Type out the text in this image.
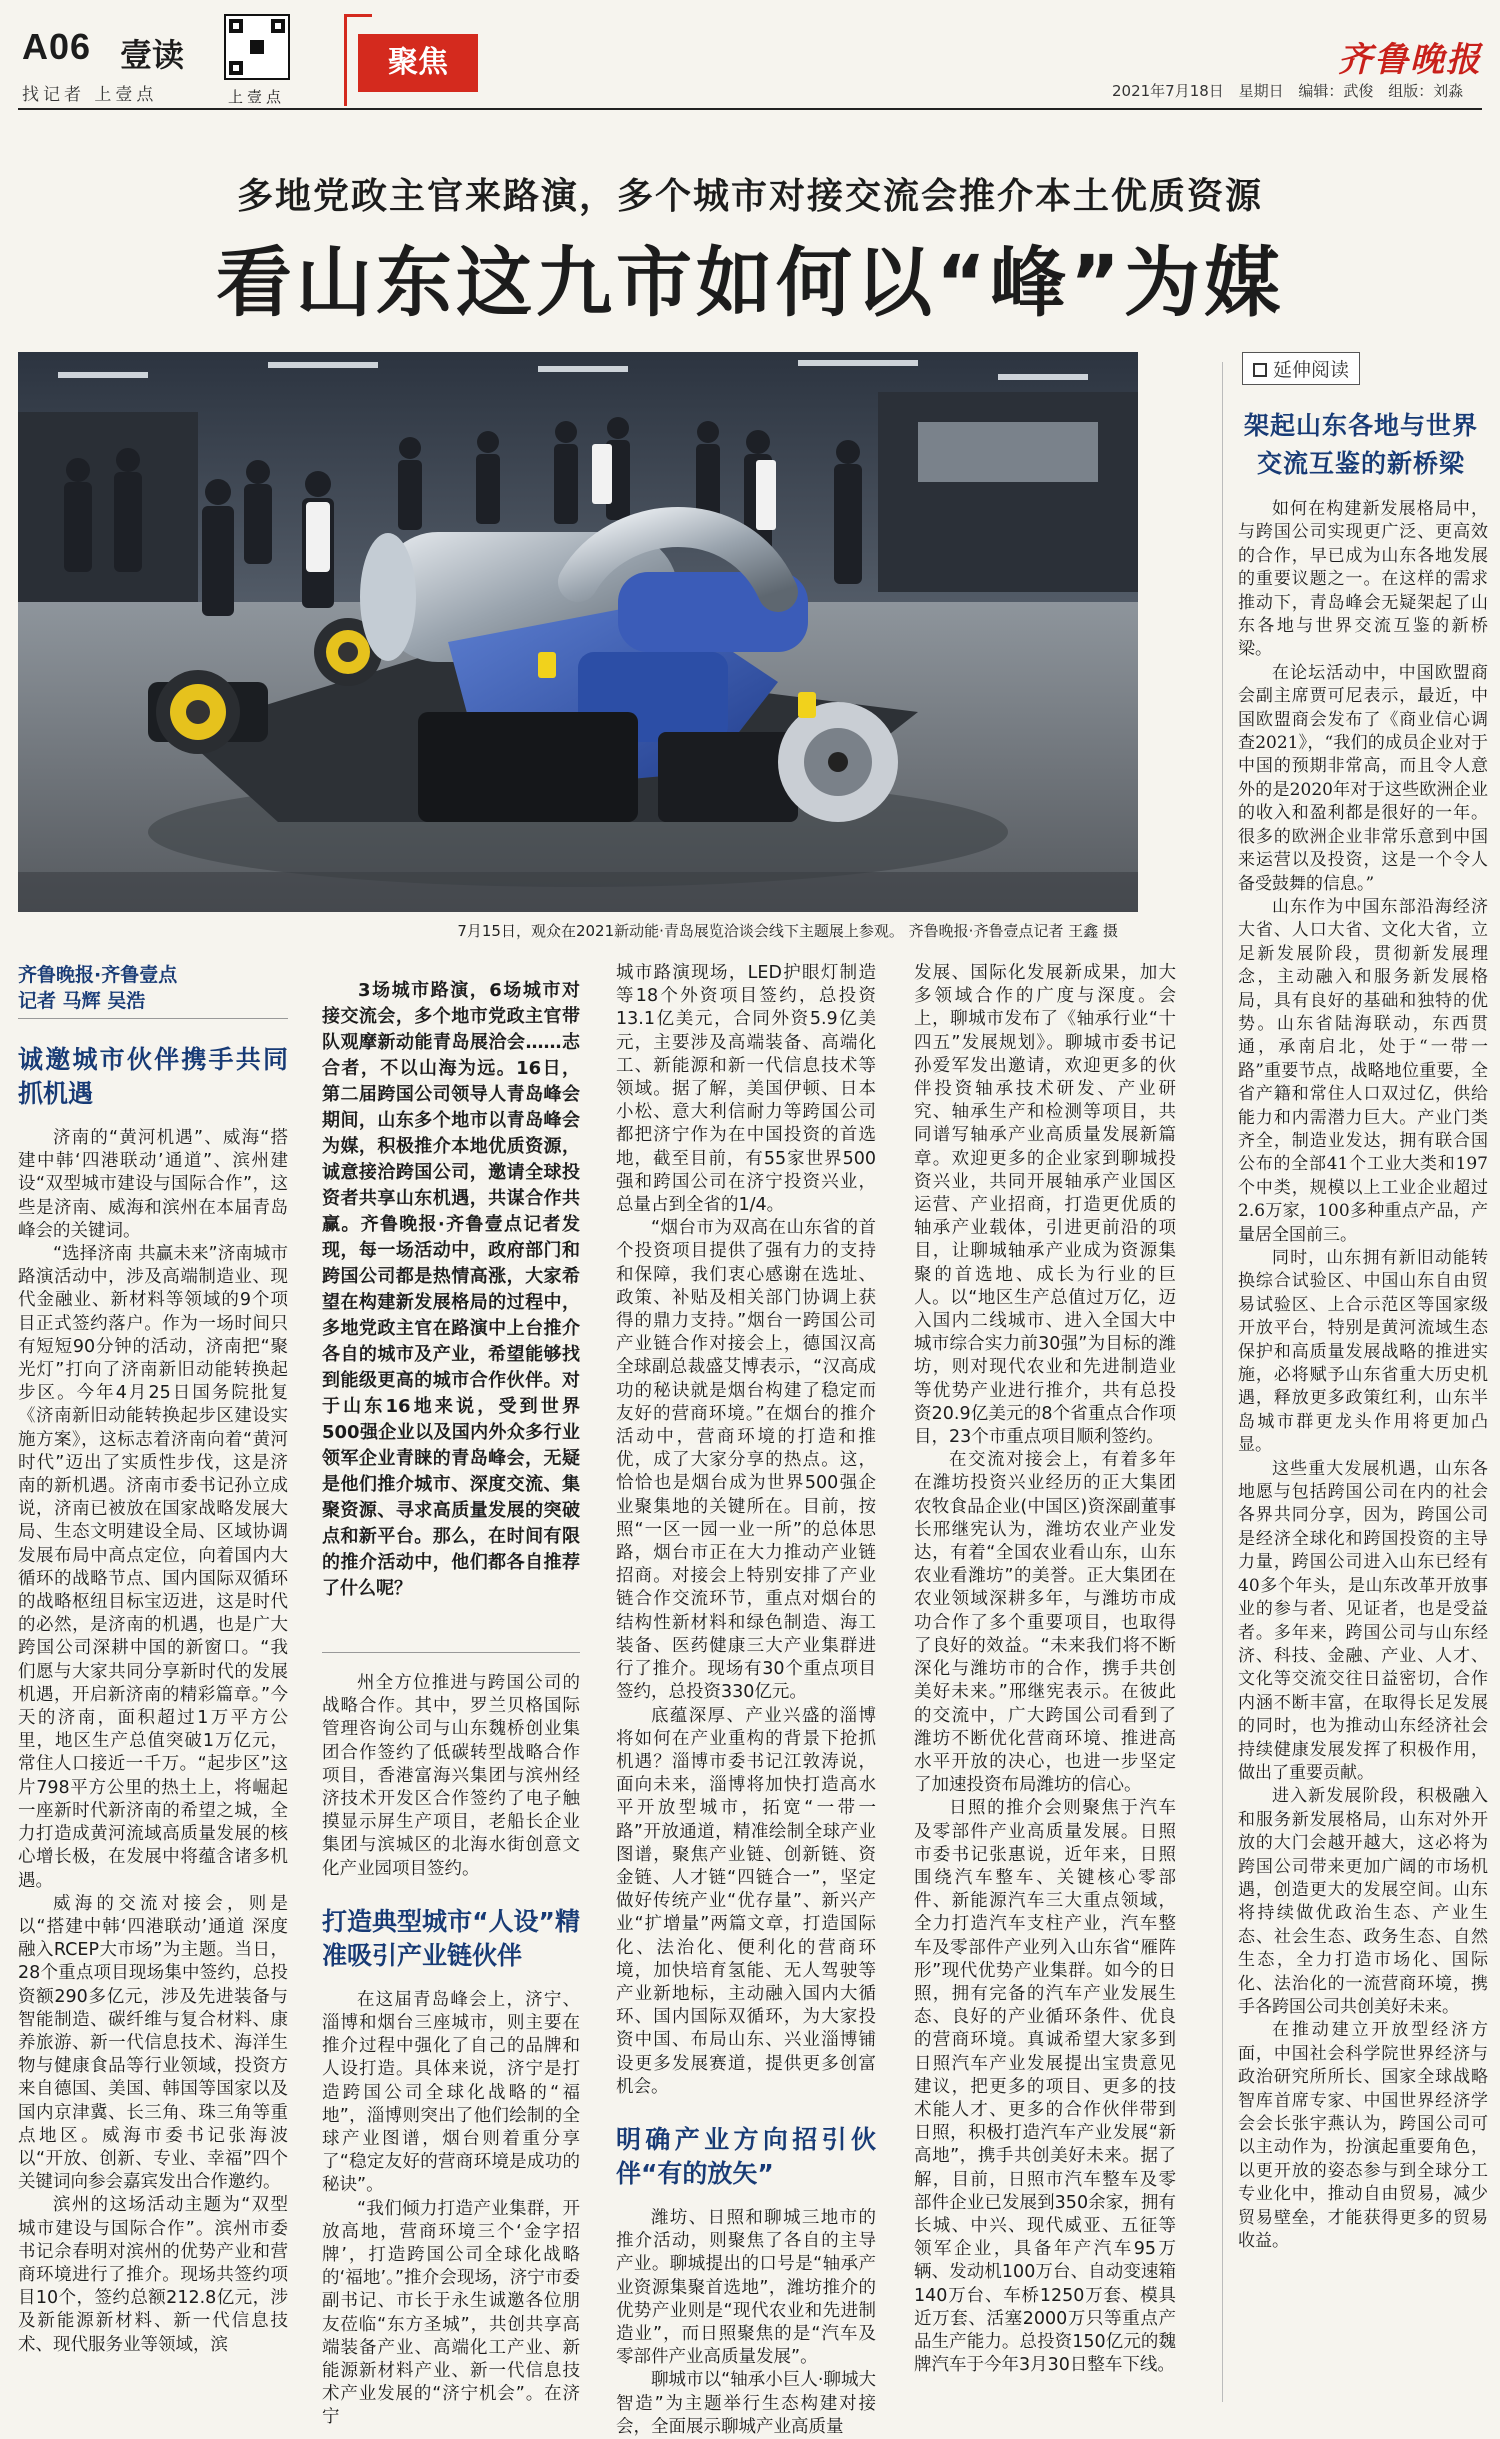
A06 壹读
找记者 上壹点	上壹点
聚焦	齐鲁晚报
2021年7月18日 星期日 编辑：武俊 组版：刘淼
多地党政主官来路演，多个城市对接交流会推介本土优质资源
看山东这九市如何以“峰”为媒
7月15日，观众在2021新动能·青岛展览洽谈会线下主题展上参观。 齐鲁晚报·齐鲁壹点记者 王鑫 摄
延伸阅读
架起山东各地与世界交流互鉴的新桥梁

如何在构建新发展格局中，与跨国公司实现更广泛、更高效的合作，早已成为山东各地发展的重要议题之一。在这样的需求推动下，青岛峰会无疑架起了山东各地与世界交流互鉴的新桥梁。

在论坛活动中，中国欧盟商会副主席贾可尼表示，最近，中国欧盟商会发布了《商业信心调查2021》，“我们的成员企业对于中国的预期非常高，而且令人意外的是2020年对于这些欧洲企业的收入和盈利都是很好的一年。很多的欧洲企业非常乐意到中国来运营以及投资，这是一个令人备受鼓舞的信息。”

山东作为中国东部沿海经济大省、人口大省、文化大省，立足新发展阶段，贯彻新发展理念，主动融入和服务新发展格局，具有良好的基础和独特的优势。山东省陆海联动，东西贯通，承南启北，处于“一带一路”重要节点，战略地位重要，全省产籍和常住人口双过亿，供给能力和内需潜力巨大。产业门类齐全，制造业发达，拥有联合国公布的全部41个工业大类和197个中类，规模以上工业企业超过2.6万家，100多种重点产品，产量居全国前三。

同时，山东拥有新旧动能转换综合试验区、中国山东自由贸易试验区、上合示范区等国家级开放平台，特别是黄河流域生态保护和高质量发展战略的推进实施，必将赋予山东省重大历史机遇，释放更多政策红利，山东半岛城市群更龙头作用将更加凸显。

这些重大发展机遇，山东各地愿与包括跨国公司在内的社会各界共同分享，因为，跨国公司是经济全球化和跨国投资的主导力量，跨国公司进入山东已经有40多个年头，是山东改革开放事业的参与者、见证者，也是受益者。多年来，跨国公司与山东经济、科技、金融、产业、人才、文化等交流交往日益密切，合作内涵不断丰富，在取得长足发展的同时，也为推动山东经济社会持续健康发展发挥了积极作用，做出了重要贡献。

进入新发展阶段，积极融入和服务新发展格局，山东对外开放的大门会越开越大，这必将为跨国公司带来更加广阔的市场机遇，创造更大的发展空间。山东将持续做优政治生态、产业生态、社会生态、政务生态、自然生态，全力打造市场化、国际化、法治化的一流营商环境，携手各跨国公司共创美好未来。

在推动建立开放型经济方面，中国社会科学院世界经济与政治研究所所长、国家全球战略智库首席专家、中国世界经济学会会长张宇燕认为，跨国公司可以主动作为，扮演起重要角色，以更开放的姿态参与到全球分工专业化中，推动自由贸易，减少贸易壁垒，才能获得更多的贸易收益。

齐鲁晚报·齐鲁壹点
记者 马辉 吴浩
诚邀城市伙伴携手共同抓机遇

济南的“黄河机遇”、威海“搭建中韩‘四港联动’通道”、滨州建设“双型城市建设与国际合作”，这些是济南、威海和滨州在本届青岛峰会的关键词。

“选择济南 共赢未来”济南城市路演活动中，涉及高端制造业、现代金融业、新材料等领域的9个项目正式签约落户。作为一场时间只有短短90分钟的活动，济南把“聚光灯”打向了济南新旧动能转换起步区。今年4月25日国务院批复《济南新旧动能转换起步区建设实施方案》，这标志着济南向着“黄河时代”迈出了实质性步伐，这是济南的新机遇。济南市委书记孙立成说，济南已被放在国家战略发展大局、生态文明建设全局、区域协调发展布局中高点定位，向着国内大循环的战略节点、国内国际双循环的战略枢纽目标宝迈进，这是时代的必然，是济南的机遇，也是广大跨国公司深耕中国的新窗口。“我们愿与大家共同分享新时代的发展机遇，开启新济南的精彩篇章。”今天的济南，面积超过1万平方公里，地区生产总值突破1万亿元，常住人口接近一千万。“起步区”这片798平方公里的热土上，将崛起一座新时代新济南的希望之城，全力打造成黄河流域高质量发展的核心增长极，在发展中将蕴含诸多机遇。

威海的交流对接会，则是以“搭建中韩‘四港联动’通道 深度融入RCEP大市场”为主题。当日，28个重点项目现场集中签约，总投资额290多亿元，涉及先进装备与智能制造、碳纤维与复合材料、康养旅游、新一代信息技术、海洋生物与健康食品等行业领域，投资方来自德国、美国、韩国等国家以及国内京津冀、长三角、珠三角等重点地区。威海市委书记张海波以“开放、创新、专业、幸福”四个关键词向参会嘉宾发出合作邀约。

滨州的这场活动主题为“双型城市建设与国际合作”。滨州市委书记佘春明对滨州的优势产业和营商环境进行了推介。现场共签约项目10个，签约总额212.8亿元，涉及新能源新材料、新一代信息技术、现代服务业等领域，滨

3场城市路演，6场城市对接交流会，多个地市党政主官带队观摩新动能青岛展洽会……志合者，不以山海为远。16日，第二届跨国公司领导人青岛峰会期间，山东多个地市以青岛峰会为媒，积极推介本地优质资源，诚意接洽跨国公司，邀请全球投资者共享山东机遇，共谋合作共赢。齐鲁晚报·齐鲁壹点记者发现，每一场活动中，政府部门和跨国公司都是热情高涨，大家希望在构建新发展格局的过程中，多地党政主官在路演中上台推介各自的城市及产业，希望能够找到能级更高的城市合作伙伴。对于山东16地来说，受到世界500强企业以及国内外众多行业领军企业青睐的青岛峰会，无疑是他们推介城市、深度交流、集聚资源、寻求高质量发展的突破点和新平台。那么，在时间有限的推介活动中，他们都各自推荐了什么呢？

州全方位推进与跨国公司的战略合作。其中，罗兰贝格国际管理咨询公司与山东魏桥创业集团合作签约了低碳转型战略合作项目，香港富海兴集团与滨州经济技术开发区合作签约了电子触摸显示屏生产项目，老船长企业集团与滨城区的北海水街创意文化产业园项目签约。

打造典型城市“人设”精准吸引产业链伙伴

在这届青岛峰会上，济宁、淄博和烟台三座城市，则主要在推介过程中强化了自己的品牌和人设打造。具体来说，济宁是打造跨国公司全球化战略的“福地”，淄博则突出了他们绘制的全球产业图谱，烟台则着重分享了“稳定友好的营商环境是成功的秘诀”。

“我们倾力打造产业集群，开放高地，营商环境三个‘金字招牌’，打造跨国公司全球化战略的‘福地’。”推介会现场，济宁市委副书记、市长于永生诚邀各位朋友莅临“东方圣城”，共创共享高端装备产业、高端化工产业、新能源新材料产业、新一代信息技术产业发展的“济宁机会”。在济宁

城市路演现场，LED护眼灯制造等18个外资项目签约，总投资13.1亿美元，合同外资5.9亿美元，主要涉及高端装备、高端化工、新能源和新一代信息技术等领域。据了解，美国伊顿、日本小松、意大利信耐力等跨国公司都把济宁作为在中国投资的首选地，截至目前，有55家世界500强和跨国公司在济宁投资兴业，总量占到全省的1/4。

“烟台市为双高在山东省的首个投资项目提供了强有力的支持和保障，我们衷心感谢在选址、政策、补贴及相关部门协调上获得的鼎力支持。”烟台一跨国公司产业链合作对接会上，德国汉高全球副总裁盛艾博表示，“汉高成功的秘诀就是烟台构建了稳定而友好的营商环境。”在烟台的推介活动中，营商环境的打造和推优，成了大家分享的热点。这，恰恰也是烟台成为世界500强企业聚集地的关键所在。目前，按照“一区一园一业一所”的总体思路，烟台市正在大力推动产业链招商。对接会上特别安排了产业链合作交流环节，重点对烟台的结构性新材料和绿色制造、海工装备、医药健康三大产业集群进行了推介。现场有30个重点项目签约，总投资330亿元。

底蕴深厚、产业兴盛的淄博将如何在产业重构的背景下抢抓机遇？淄博市委书记江敦涛说，面向未来，淄博将加快打造高水平开放型城市，拓宽“一带一路”开放通道，精准绘制全球产业图谱，聚焦产业链、创新链、资金链、人才链“四链合一”，坚定做好传统产业“优存量”、新兴产业“扩增量”两篇文章，打造国际化、法治化、便利化的营商环境，加快培育氢能、无人驾驶等产业新地标，主动融入国内大循环、国内国际双循环，为大家投资中国、布局山东、兴业淄博铺设更多发展赛道，提供更多创富机会。

明确产业方向招引伙伴“有的放矢”

潍坊、日照和聊城三地市的推介活动，则聚焦了各自的主导产业。聊城提出的口号是“轴承产业资源集聚首选地”，潍坊推介的优势产业则是“现代农业和先进制造业”，而日照聚焦的是“汽车及零部件产业高质量发展”。

聊城市以“轴承小巨人·聊城大智造”为主题举行生态构建对接会，全面展示聊城产业高质量

发展、国际化发展新成果，加大多领域合作的广度与深度。会上，聊城市发布了《轴承行业“十四五”发展规划》。聊城市委书记孙爱军发出邀请，欢迎更多的伙伴投资轴承技术研发、产业研究、轴承生产和检测等项目，共同谱写轴承产业高质量发展新篇章。欢迎更多的企业家到聊城投资兴业，共同开展轴承产业国区运营、产业招商，打造更优质的轴承产业载体，引进更前沿的项目，让聊城轴承产业成为资源集聚的首选地、成长为行业的巨人。以“地区生产总值过万亿，迈入国内二线城市、进入全国大中城市综合实力前30强”为目标的潍坊，则对现代农业和先进制造业等优势产业进行推介，共有总投资20.9亿美元的8个省重点合作项目，23个市重点项目顺利签约。

在交流对接会上，有着多年在潍坊投资兴业经历的正大集团农牧食品企业(中国区)资深副董事长邢继宪认为，潍坊农业产业发达，有着“全国农业看山东，山东农业看潍坊”的美誉。正大集团在农业领域深耕多年，与潍坊市成功合作了多个重要项目，也取得了良好的效益。“未来我们将不断深化与潍坊市的合作，携手共创美好未来。”邢继宪表示。在彼此的交流中，广大跨国公司看到了潍坊不断优化营商环境、推进高水平开放的决心，也进一步坚定了加速投资布局潍坊的信心。

日照的推介会则聚焦于汽车及零部件产业高质量发展。日照市委书记张惠说，近年来，日照围绕汽车整车、关键核心零部件、新能源汽车三大重点领域，全力打造汽车支柱产业，汽车整车及零部件产业列入山东省“雁阵形”现代优势产业集群。如今的日照，拥有完备的汽车产业发展生态、良好的产业循环条件、优良的营商环境。真诚希望大家多到日照汽车产业发展提出宝贵意见建议，把更多的项目、更多的技术能人才、更多的合作伙伴带到日照，积极打造汽车产业发展“新高地”，携手共创美好未来。据了解，目前，日照市汽车整车及零部件企业已发展到350余家，拥有长城、中兴、现代威亚、五征等领军企业，具备年产汽车95万辆、发动机100万台、自动变速箱140万台、车桥1250万套、模具近万套、活塞2000万只等重点产品生产能力。总投资150亿元的魏牌汽车于今年3月30日整车下线。
